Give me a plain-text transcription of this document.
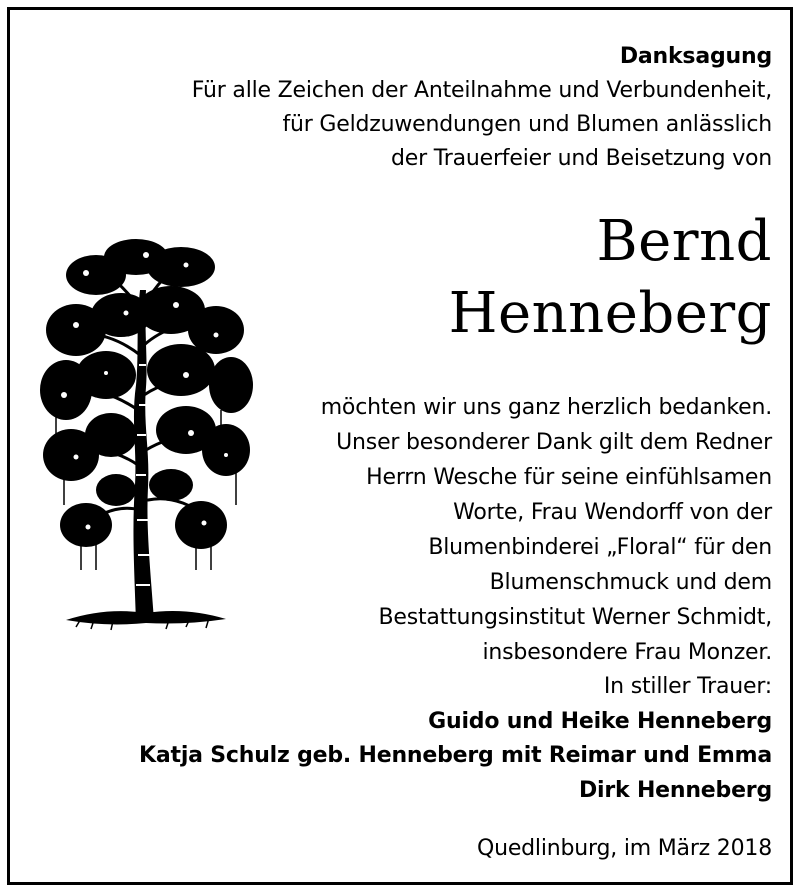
Danksagung
Für alle Zeichen der Anteilnahme und Verbundenheit,
für Geldzuwendungen und Blumen anlässlich
der Trauerfeier und Beisetzung von
Bernd
Henneberg
möchten wir uns ganz herzlich bedanken.
Unser besonderer Dank gilt dem Redner
Herrn Wesche für seine einfühlsamen
Worte, Frau Wendorff von der
Blumenbinderei „Floral“ für den
Blumenschmuck und dem
Bestattungsinstitut Werner Schmidt,
insbesondere Frau Monzer.
In stiller Trauer:
Guido und Heike Henneberg
Katja Schulz geb. Henneberg mit Reimar und Emma
Dirk Henneberg
Quedlinburg, im März 2018
